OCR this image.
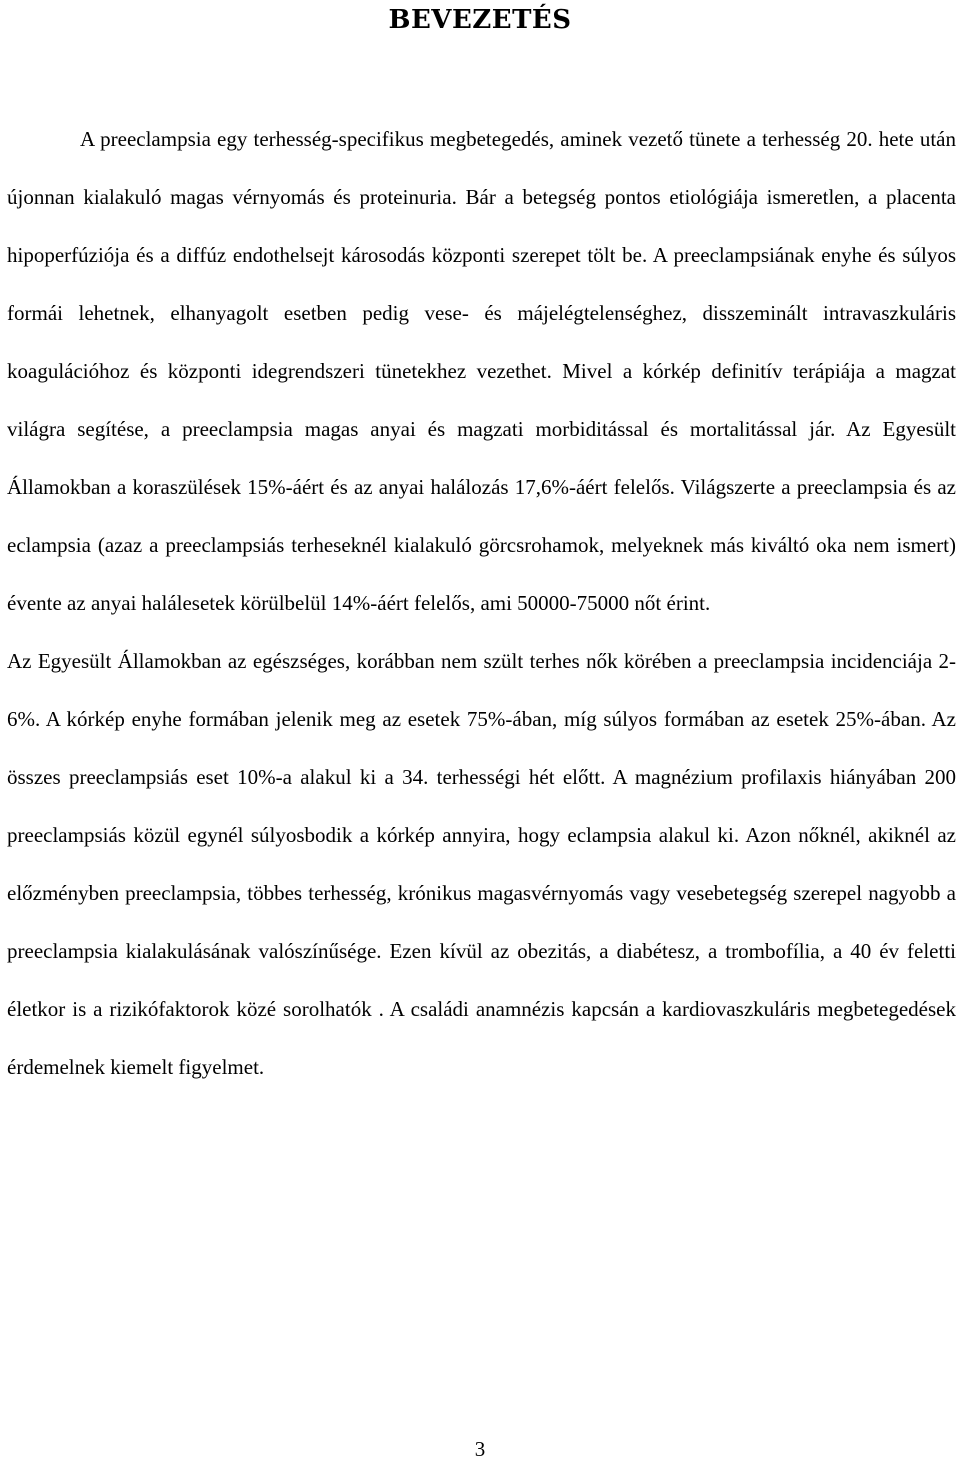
BEVEZETÉS

A preeclampsia egy terhesség-specifikus megbetegedés, aminek vezető tünete a terhesség 20. hete után újonnan kialakuló magas vérnyomás és proteinuria. Bár a betegség pontos etiológiája ismeretlen, a placenta hipoperfúziója és a diffúz endothelsejt károsodás központi szerepet tölt be. A preeclampsiának enyhe és súlyos formái lehetnek, elhanyagolt esetben pedig vese- és májelégtelenséghez, disszeminált intravaszkuláris koagulációhoz és központi idegrendszeri tünetekhez vezethet. Mivel a kórkép definitív terápiája a magzat világra segítése, a preeclampsia magas anyai és magzati morbiditással és mortalitással jár. Az Egyesült Államokban a koraszülések 15%-áért és az anyai halálozás 17,6%-áért felelős. Világszerte a preeclampsia és az eclampsia (azaz a preeclampsiás terheseknél kialakuló görcsrohamok, melyeknek más kiváltó oka nem ismert) évente az anyai halálesetek körülbelül 14%-áért felelős, ami 50000-75000 nőt érint.

Az Egyesült Államokban az egészséges, korábban nem szült terhes nők körében a preeclampsia incidenciája 2-6%. A kórkép enyhe formában jelenik meg az esetek 75%-ában, míg súlyos formában az esetek 25%-ában. Az összes preeclampsiás eset 10%-a alakul ki a 34. terhességi hét előtt. A magnézium profilaxis hiányában 200 preeclampsiás közül egynél súlyosbodik a kórkép annyira, hogy eclampsia alakul ki. Azon nőknél, akiknél az előzményben preeclampsia, többes terhesség, krónikus magasvérnyomás vagy vesebetegség szerepel nagyobb a preeclampsia kialakulásának valószínűsége. Ezen kívül az obezitás, a diabétesz, a trombofília, a 40 év feletti életkor is a rizikófaktorok közé sorolhatók . A családi anamnézis kapcsán a kardiovaszkuláris megbetegedések érdemelnek kiemelt figyelmet.

3
